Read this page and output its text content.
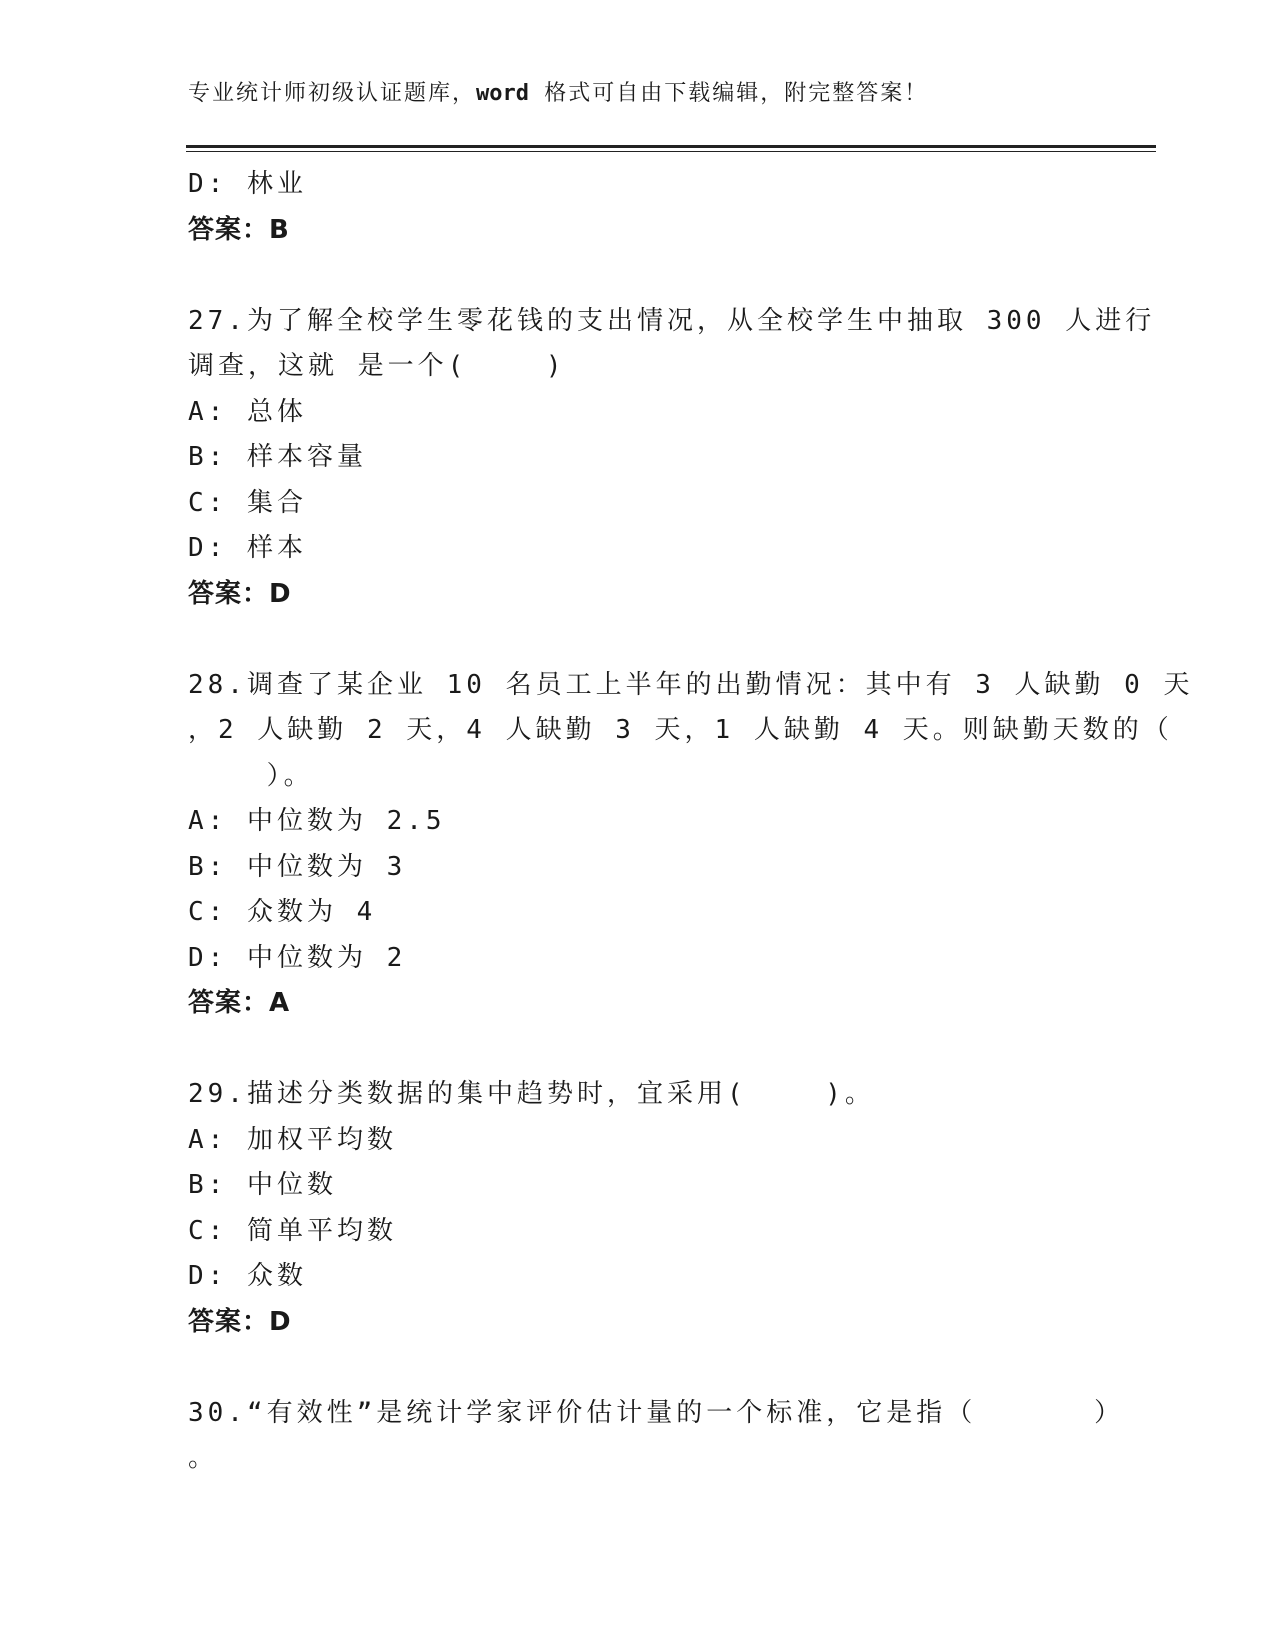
专业统计师初级认证题库，word 格式可自由下载编辑，附完整答案！
D: 林业
答案：B
27.为了解全校学生零花钱的支出情况，从全校学生中抽取 300 人进行
调查，这就 是一个(    )
A: 总体
B: 样本容量
C: 集合
D: 样本
答案：D
28.调查了某企业 10 名员工上半年的出勤情况：其中有 3 人缺勤 0 天
，2 人缺勤 2 天，4 人缺勤 3 天，1 人缺勤 4 天。则缺勤天数的（
）。
A: 中位数为 2.5
B: 中位数为 3
C: 众数为 4
D: 中位数为 2
答案：A
29.描述分类数据的集中趋势时，宜采用(    )。
A: 加权平均数
B: 中位数
C: 简单平均数
D: 众数
答案：D
30.“有效性”是统计学家评价估计量的一个标准，它是指（      ）
。
